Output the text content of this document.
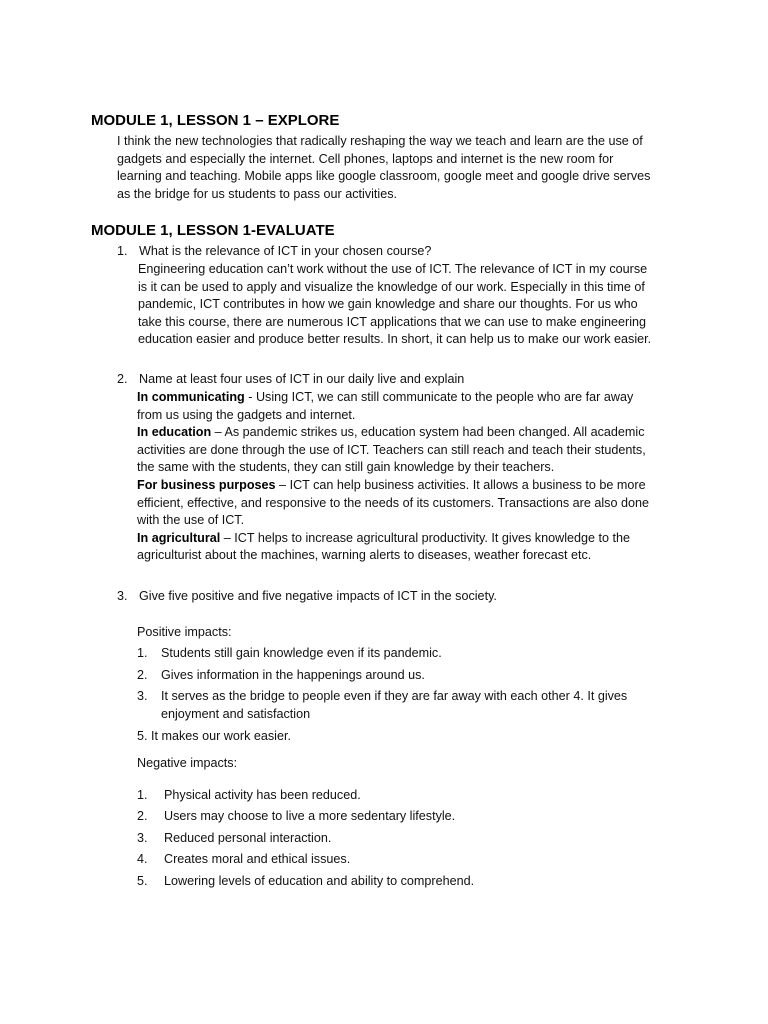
MODULE 1, LESSON 1 – EXPLORE
I think the new technologies that radically reshaping the way we teach and learn are the use of
gadgets and especially the internet. Cell phones, laptops and internet is the new room for
learning and teaching. Mobile apps like google classroom, google meet and google drive serves
as the bridge for us students to pass our activities.
MODULE 1, LESSON 1-EVALUATE
1. What is the relevance of ICT in your chosen course?
Engineering education can’t work without the use of ICT. The relevance of ICT in my course
is it can be used to apply and visualize the knowledge of our work. Especially in this time of
pandemic, ICT contributes in how we gain knowledge and share our thoughts. For us who
take this course, there are numerous ICT applications that we can use to make engineering
education easier and produce better results. In short, it can help us to make our work easier.
2. Name at least four uses of ICT in our daily live and explain
In communicating - Using ICT, we can still communicate to the people who are far away
from us using the gadgets and internet.
In education – As pandemic strikes us, education system had been changed. All academic
activities are done through the use of ICT. Teachers can still reach and teach their students,
the same with the students, they can still gain knowledge by their teachers.
For business purposes – ICT can help business activities. It allows a business to be more
efficient, effective, and responsive to the needs of its customers. Transactions are also done
with the use of ICT.
In agricultural – ICT helps to increase agricultural productivity. It gives knowledge to the
agriculturist about the machines, warning alerts to diseases, weather forecast etc.
3. Give five positive and five negative impacts of ICT in the society.
Positive impacts:
1. Students still gain knowledge even if its pandemic.
2. Gives information in the happenings around us.
3. It serves as the bridge to people even if they are far away with each other 4. It gives
enjoyment and satisfaction
5. It makes our work easier.
Negative impacts:
1. Physical activity has been reduced.
2. Users may choose to live a more sedentary lifestyle.
3. Reduced personal interaction.
4. Creates moral and ethical issues.
5. Lowering levels of education and ability to comprehend.
